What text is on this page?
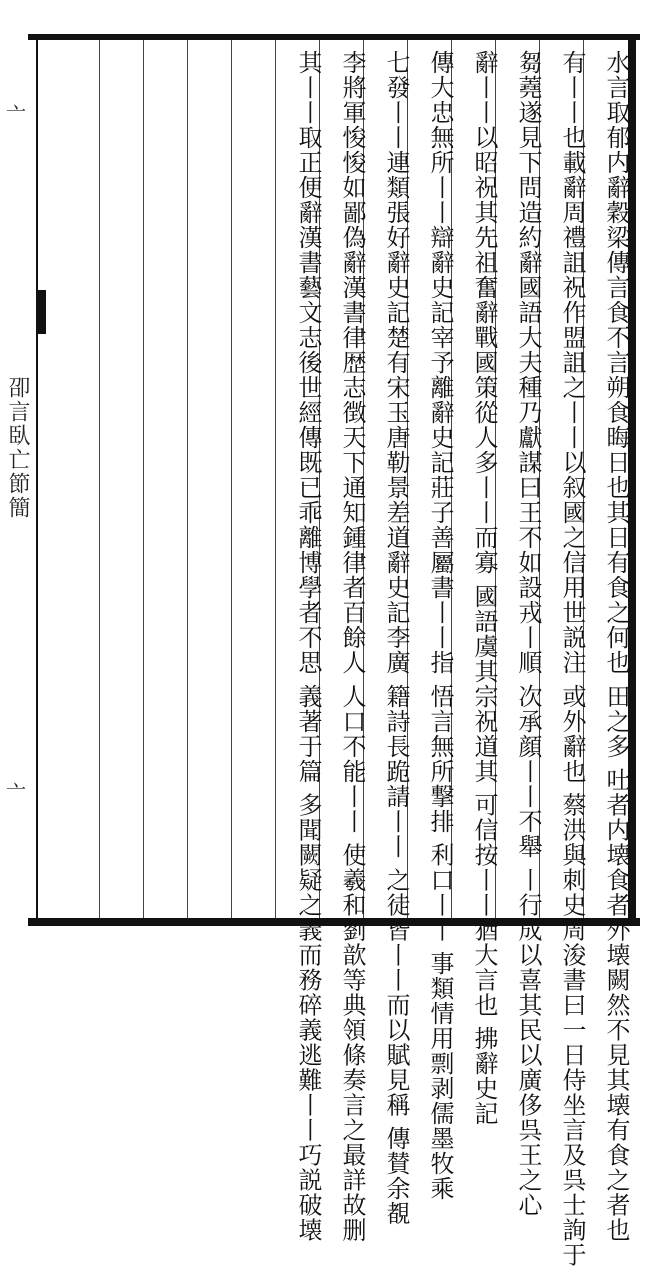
亠
卲言臥亡節簡
亠
水言取郁内辭穀梁傳言食不言朔食晦日也其日有食之何也 田之多 吐者内壊食者外壊闕然不見其壊有食之者也
有丨丨也載辭周禮詛祝作盟詛之丨丨以叙國之信用世説注 或外辭也 蔡洪與刺史周浚書曰一日侍坐言及呉士詢于
芻蕘遂見下問造約辭國語大夫種乃獻謀曰王不如設戎丨順 次承顔丨丨不舉 丨行成以喜其民以廣侈呉王之心
辭丨丨以昭祝其先祖奮辭戰國策從人多丨丨而寡 國語虞其宗祝道其 可信按丨丨猶大言也 拂辭史記
傳大忠無所丨丨辯辭史記宰予離辭史記莊子善屬書丨丨指 悟言無所撃排 利口丨丨 事類情用剽剥儒墨牧乘
七發丨丨連類張好辭史記楚有宋玉唐勒景差道辭史記李廣 籍詩長跪請丨丨 之徒皆丨丨而以賦見稱 傳賛余覩
李將軍悛悛如鄙偽辭漢書律歴志徴天下通知鍾律者百餘人 人口不能丨丨 使羲和劉歆等典領條奏言之最詳故删
其丨丨取正便辭漢書藝文志後世經傳既已乖離博學者不思 義著于篇 多聞闕疑之義而務碎義逃難丨丨巧説破壊
